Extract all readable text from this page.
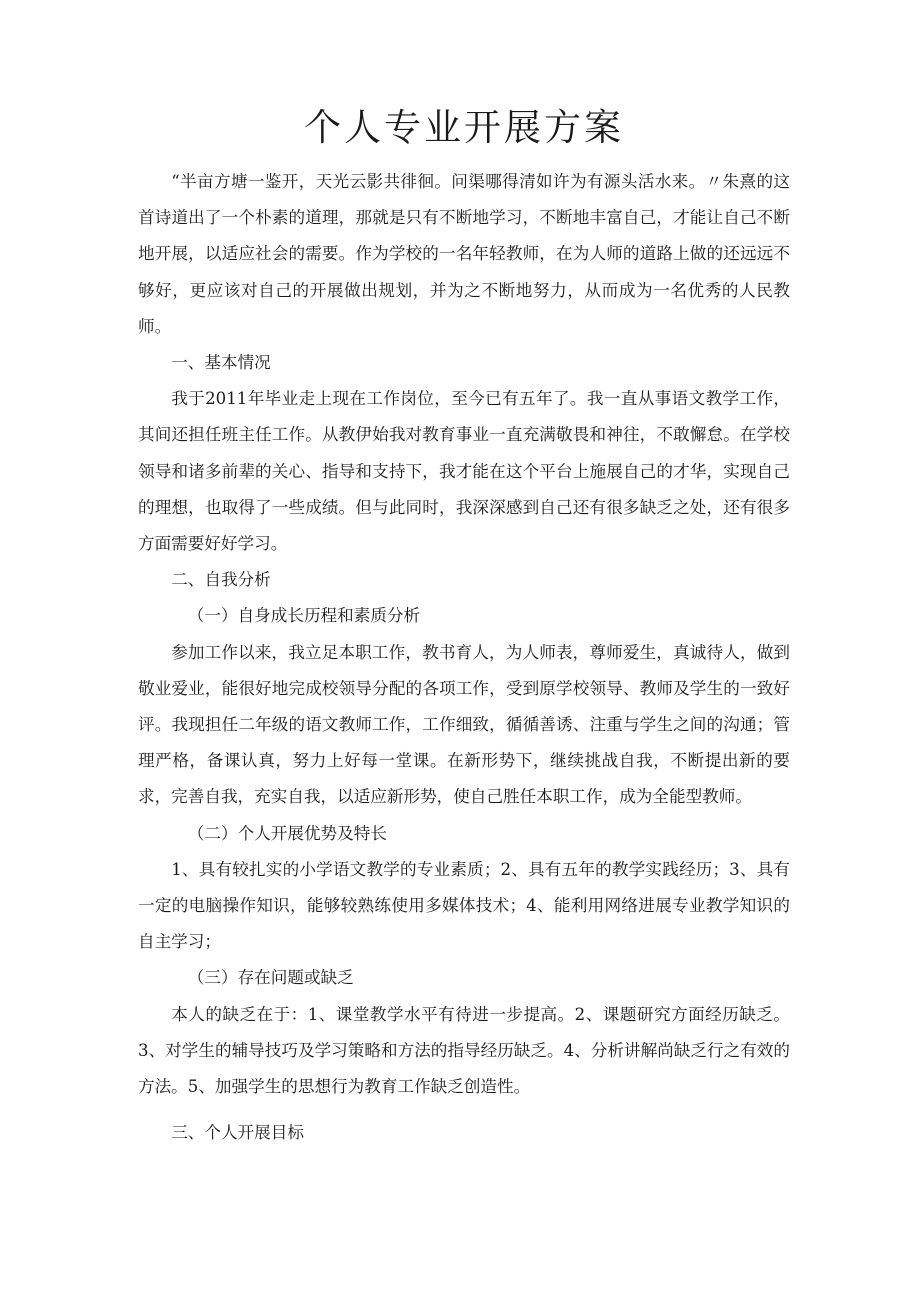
个人专业开展方案

“半亩方塘一鉴开，天光云影共徘徊。问渠哪得清如许为有源头活水来。〃朱熹的这首诗道出了一个朴素的道理，那就是只有不断地学习，不断地丰富自己，才能让自己不断地开展，以适应社会的需要。作为学校的一名年轻教师，在为人师的道路上做的还远远不够好，更应该对自己的开展做出规划，并为之不断地努力，从而成为一名优秀的人民教师。

一、基本情况

我于2011年毕业走上现在工作岗位，至今已有五年了。我一直从事语文教学工作，其间还担任班主任工作。从教伊始我对教育事业一直充满敬畏和神往，不敢懈怠。在学校领导和诸多前辈的关心、指导和支持下，我才能在这个平台上施展自己的才华，实现自己的理想，也取得了一些成绩。但与此同时，我深深感到自己还有很多缺乏之处，还有很多方面需要好好学习。

二、自我分析

（一）自身成长历程和素质分析

参加工作以来，我立足本职工作，教书育人，为人师表，尊师爱生，真诚待人，做到敬业爱业，能很好地完成校领导分配的各项工作，受到原学校领导、教师及学生的一致好评。我现担任二年级的语文教师工作，工作细致，循循善诱、注重与学生之间的沟通；管理严格，备课认真，努力上好每一堂课。在新形势下，继续挑战自我，不断提出新的要求，完善自我，充实自我，以适应新形势，使自己胜任本职工作，成为全能型教师。

（二）个人开展优势及特长

1、具有较扎实的小学语文教学的专业素质；2、具有五年的教学实践经历；3、具有一定的电脑操作知识，能够较熟练使用多媒体技术；4、能利用网络进展专业教学知识的自主学习；

（三）存在问题或缺乏

本人的缺乏在于：1、课堂教学水平有待进一步提高。2、课题研究方面经历缺乏。3、对学生的辅导技巧及学习策略和方法的指导经历缺乏。4、分析讲解尚缺乏行之有效的方法。5、加强学生的思想行为教育工作缺乏创造性。

三、个人开展目标
